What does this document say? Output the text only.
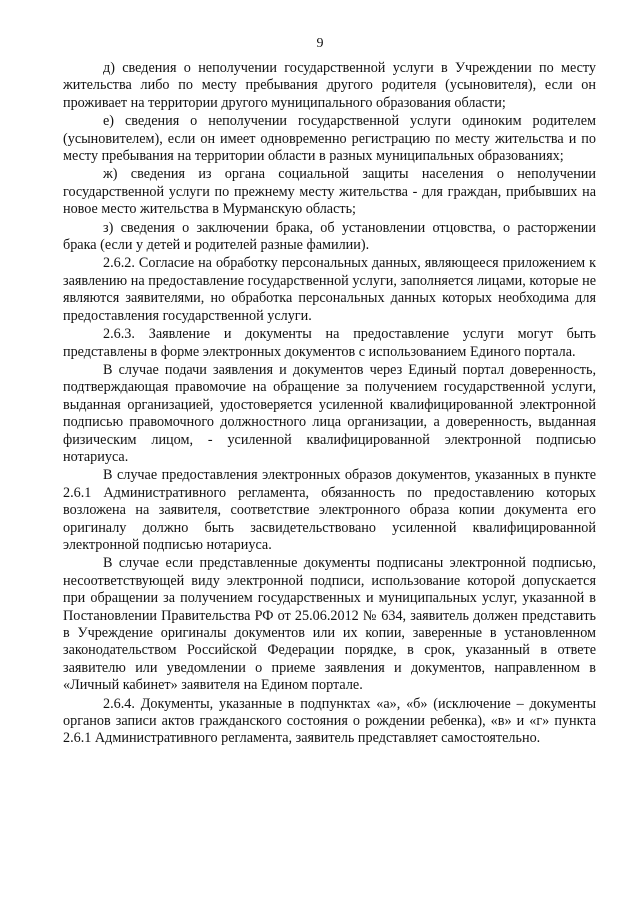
9

д) сведения о неполучении государственной услуги в Учреждении по месту жительства либо по месту пребывания другого родителя (усыновителя), если он проживает на территории другого муниципального образования области;

е) сведения о неполучении государственной услуги одиноким родителем (усыновителем), если он имеет одновременно регистрацию по месту жительства и по месту пребывания на территории области в разных муниципальных образованиях;

ж) сведения из органа социальной защиты населения о неполучении государственной услуги по прежнему месту жительства - для граждан, прибывших на новое место жительства в Мурманскую область;

з) сведения о заключении брака, об установлении отцовства, о расторжении брака (если у детей и родителей разные фамилии).

2.6.2. Согласие на обработку персональных данных, являющееся приложением к заявлению на предоставление государственной услуги, заполняется лицами, которые не являются заявителями, но обработка персональных данных которых необходима для предоставления государственной услуги.

2.6.3. Заявление и документы на предоставление услуги могут быть представлены в форме электронных документов с использованием Единого портала.

В случае подачи заявления и документов через Единый портал доверенность, подтверждающая правомочие на обращение за получением государственной услуги, выданная организацией, удостоверяется усиленной квалифицированной электронной подписью правомочного должностного лица организации, а доверенность, выданная физическим лицом, - усиленной квалифицированной электронной подписью нотариуса.

В случае предоставления электронных образов документов, указанных в пункте 2.6.1 Административного регламента, обязанность по предоставлению которых возложена на заявителя, соответствие электронного образа копии документа его оригиналу должно быть засвидетельствовано усиленной квалифицированной электронной подписью нотариуса.

В случае если представленные документы подписаны электронной подписью, несоответствующей виду электронной подписи, использование которой допускается при обращении за получением государственных и муниципальных услуг, указанной в Постановлении Правительства РФ от 25.06.2012 № 634, заявитель должен представить в Учреждение оригиналы документов или их копии, заверенные в установленном законодательством Российской Федерации порядке, в срок, указанный в ответе заявителю или уведомлении о приеме заявления и документов, направленном в «Личный кабинет» заявителя на Едином портале.

2.6.4. Документы, указанные в подпунктах «а», «б» (исключение – документы органов записи актов гражданского состояния о рождении ребенка), «в» и «г» пункта 2.6.1 Административного регламента, заявитель представляет самостоятельно.
